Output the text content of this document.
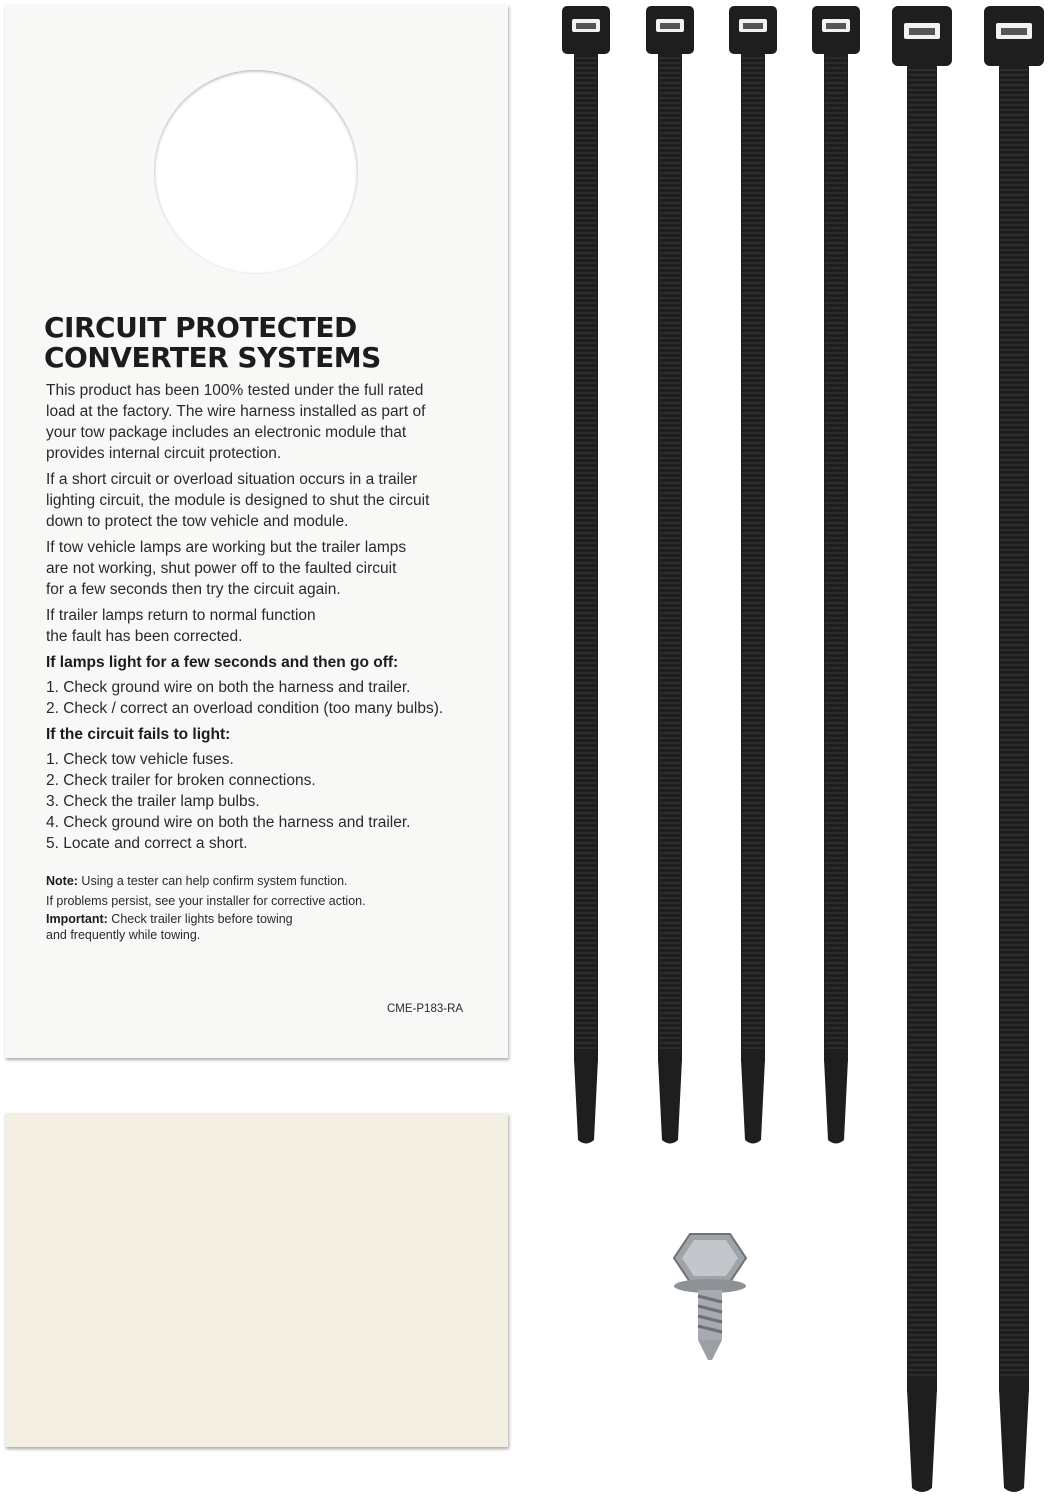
CIRCUIT PROTECTED
CONVERTER SYSTEMS

This product has been 100% tested under the full rated
load at the factory. The wire harness installed as part of
your tow package includes an electronic module that
provides internal circuit protection.

If a short circuit or overload situation occurs in a trailer
lighting circuit, the module is designed to shut the circuit
down to protect the tow vehicle and module.

If tow vehicle lamps are working but the trailer lamps
are not working, shut power off to the faulted circuit
for a few seconds then try the circuit again.

If trailer lamps return to normal function
the fault has been corrected.

If lamps light for a few seconds and then go off:

1. Check ground wire on both the harness and trailer.
2. Check / correct an overload condition (too many bulbs).

If the circuit fails to light:

1. Check tow vehicle fuses.
2. Check trailer for broken connections.
3. Check the trailer lamp bulbs.
4. Check ground wire on both the harness and trailer.
5. Locate and correct a short.
Note: Using a tester can help confirm system function.
If problems persist, see your installer for corrective action.
Important: Check trailer lights before towing
and frequently while towing.
CME-P183-RA
